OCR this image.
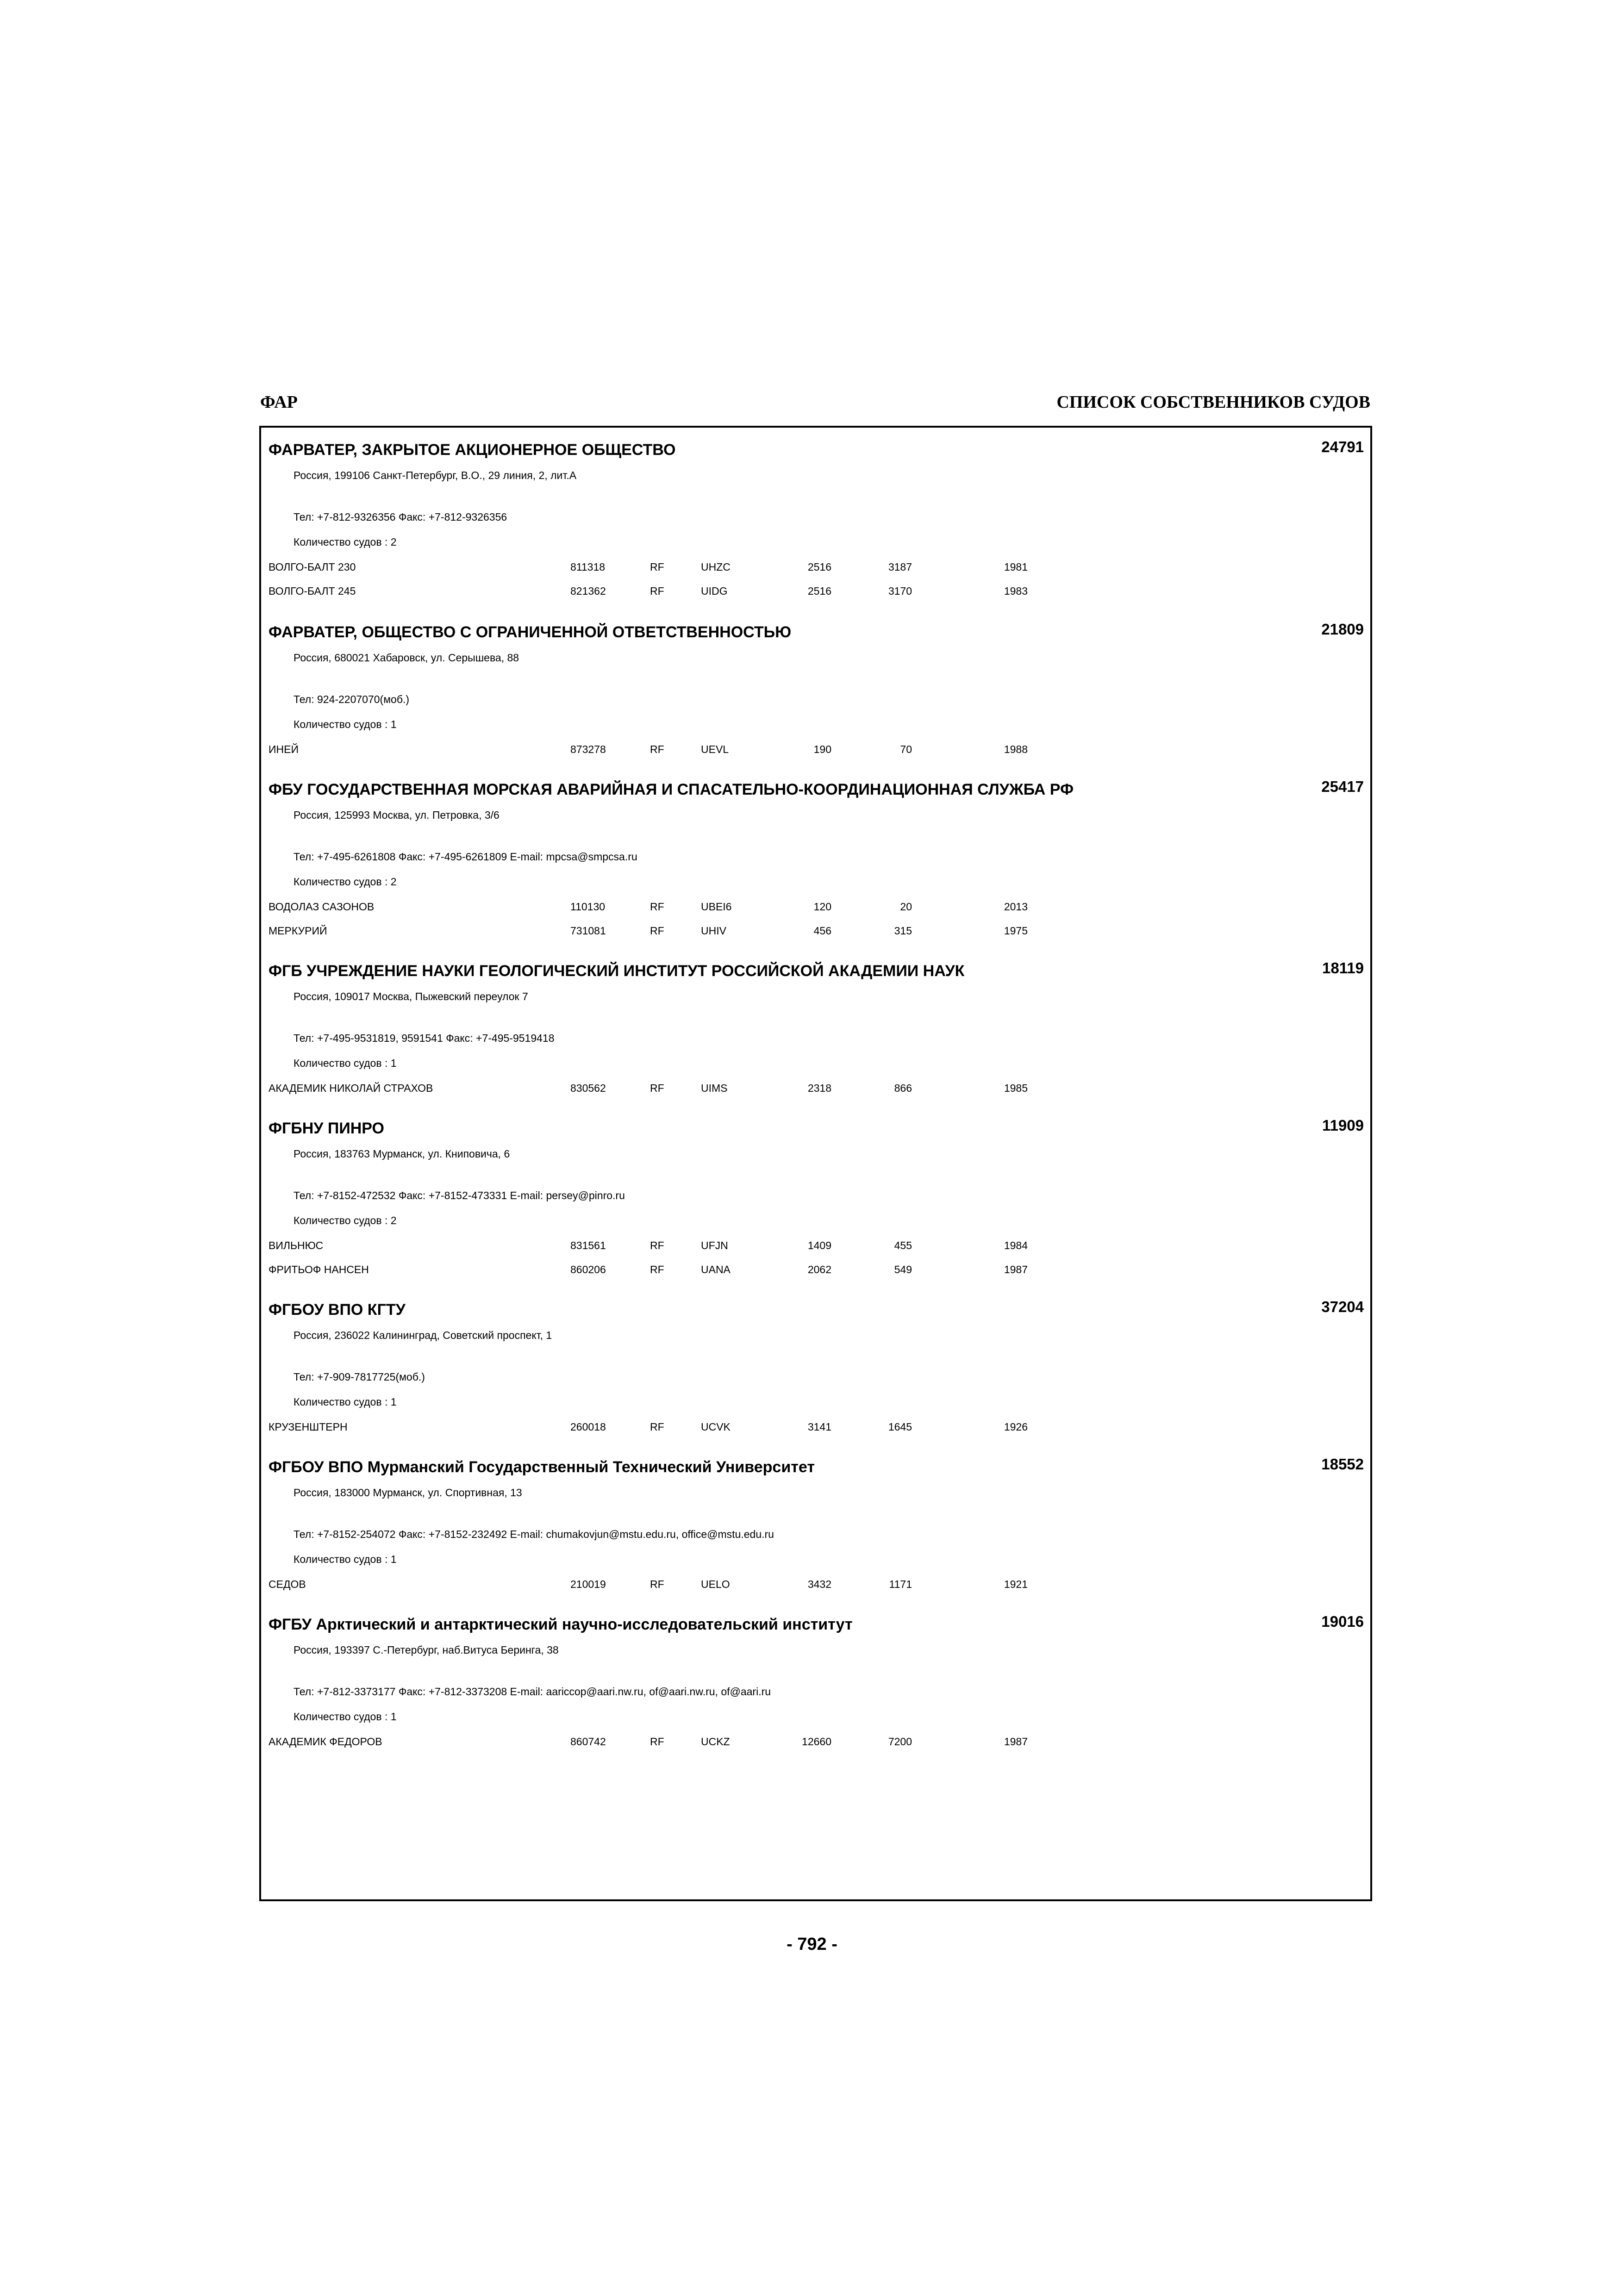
ФАР	СПИСОК СОБСТВЕННИКОВ СУДОВ
ФАРВАТЕР, ЗАКРЫТОЕ АКЦИОНЕРНОЕ ОБЩЕСТВО	24791
Россия, 199106 Санкт-Петербург, В.О., 29 линия, 2, лит.А
Тел: +7-812-9326356 Факс: +7-812-9326356
Количество судов : 2
ВОЛГО-БАЛТ 230	811318	RF	UHZC	2516	3187	1981
ВОЛГО-БАЛТ 245	821362	RF	UIDG	2516	3170	1983
ФАРВАТЕР, ОБЩЕСТВО С ОГРАНИЧЕННОЙ ОТВЕТСТВЕННОСТЬЮ	21809
Россия, 680021 Хабаровск, ул. Серышева, 88
Тел: 924-2207070(моб.)
Количество судов : 1
ИНЕЙ	873278	RF	UEVL	190	70	1988
ФБУ ГОСУДАРСТВЕННАЯ МОРСКАЯ АВАРИЙНАЯ И СПАСАТЕЛЬНО-КООРДИНАЦИОННАЯ СЛУЖБА РФ	25417
Россия, 125993 Москва, ул. Петровка, 3/6
Тел: +7-495-6261808 Факс: +7-495-6261809 E-mail: mpcsa@smpcsa.ru
Количество судов : 2
ВОДОЛАЗ САЗОНОВ	110130	RF	UBEI6	120	20	2013
МЕРКУРИЙ	731081	RF	UHIV	456	315	1975
ФГБ УЧРЕЖДЕНИЕ НАУКИ ГЕОЛОГИЧЕСКИЙ ИНСТИТУТ РОССИЙСКОЙ АКАДЕМИИ НАУК	18119
Россия, 109017 Москва, Пыжевский переулок 7
Тел: +7-495-9531819, 9591541 Факс: +7-495-9519418
Количество судов : 1
АКАДЕМИК НИКОЛАЙ СТРАХОВ	830562	RF	UIMS	2318	866	1985
ФГБНУ ПИНРО	11909
Россия, 183763 Мурманск, ул. Книповича, 6
Тел: +7-8152-472532 Факс: +7-8152-473331 E-mail: persey@pinro.ru
Количество судов : 2
ВИЛЬНЮС	831561	RF	UFJN	1409	455	1984
ФРИТЬОФ НАНСЕН	860206	RF	UANA	2062	549	1987
ФГБОУ ВПО КГТУ	37204
Россия, 236022 Калининград, Советский проспект, 1
Тел: +7-909-7817725(моб.)
Количество судов : 1
КРУЗЕНШТЕРН	260018	RF	UCVK	3141	1645	1926
ФГБОУ ВПО Мурманский Государственный Технический Университет	18552
Россия, 183000 Мурманск, ул. Спортивная, 13
Тел: +7-8152-254072 Факс: +7-8152-232492 E-mail: chumakovjun@mstu.edu.ru, office@mstu.edu.ru
Количество судов : 1
СЕДОВ	210019	RF	UELO	3432	1171	1921
ФГБУ Арктический и антарктический научно-исследовательский институт	19016
Россия, 193397 С.-Петербург, наб.Витуса Беринга, 38
Тел: +7-812-3373177 Факс: +7-812-3373208 E-mail: aariccop@aari.nw.ru, of@aari.nw.ru, of@aari.ru
Количество судов : 1
АКАДЕМИК ФЕДОРОВ	860742	RF	UCKZ	12660	7200	1987
- 792 -
